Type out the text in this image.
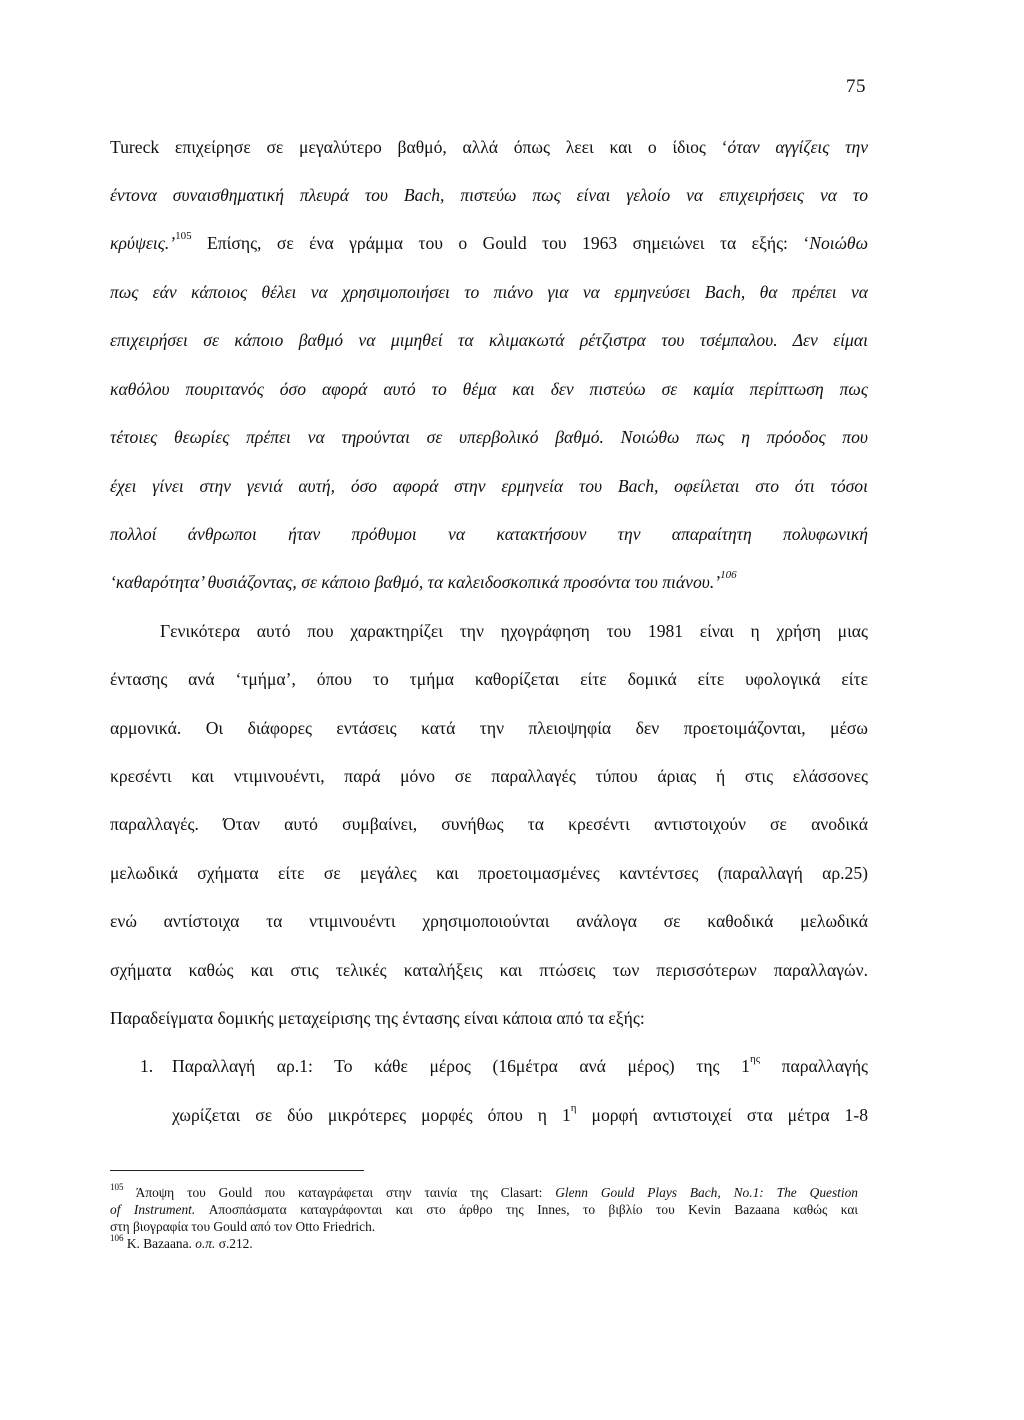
75
Tureck επιχείρησε σε μεγαλύτερο βαθμό, αλλά όπως λεει και ο ίδιος ‘όταν αγγίζεις την
έντονα συναισθηματική πλευρά του Bach, πιστεύω πως είναι γελοίο να επιχειρήσεις να το
κρύψεις.’$^{105}$ Επίσης, σε ένα γράμμα του ο Gould του 1963 σημειώνει τα εξής: ‘Νοιώθω
πως εάν κάποιος θέλει να χρησιμοποιήσει το πιάνο για να ερμηνεύσει Bach, θα πρέπει να
επιχειρήσει σε κάποιο βαθμό να μιμηθεί τα κλιμακωτά ρέτζιστρα του τσέμπαλου. Δεν είμαι
καθόλου πουριτανός όσο αφορά αυτό το θέμα και δεν πιστεύω σε καμία περίπτωση πως
τέτοιες θεωρίες πρέπει να τηρούνται σε υπερβολικό βαθμό. Νοιώθω πως η πρόοδος που
έχει γίνει στην γενιά αυτή, όσο αφορά στην ερμηνεία του Bach, οφείλεται στο ότι τόσοι
πολλοί άνθρωποι ήταν πρόθυμοι να κατακτήσουν την απαραίτητη πολυφωνική
‘καθαρότητα’ θυσιάζοντας, σε κάποιο βαθμό, τα καλειδοσκοπικά προσόντα του πιάνου.’$^{106}$
Γενικότερα αυτό που χαρακτηρίζει την ηχογράφηση του 1981 είναι η χρήση μιας
έντασης ανά ‘τμήμα’, όπου το τμήμα καθορίζεται είτε δομικά είτε υφολογικά είτε
αρμονικά. Οι διάφορες εντάσεις κατά την πλειοψηφία δεν προετοιμάζονται, μέσω
κρεσέντι και ντιμινουέντι, παρά μόνο σε παραλλαγές τύπου άριας ή στις ελάσσονες
παραλλαγές. Όταν αυτό συμβαίνει, συνήθως τα κρεσέντι αντιστοιχούν σε ανοδικά
μελωδικά σχήματα είτε σε μεγάλες και προετοιμασμένες καντέντσες (παραλλαγή αρ.25)
ενώ αντίστοιχα τα ντιμινουέντι χρησιμοποιούνται ανάλογα σε καθοδικά μελωδικά
σχήματα καθώς και στις τελικές καταλήξεις και πτώσεις των περισσότερων παραλλαγών.
Παραδείγματα δομικής μεταχείρισης της έντασης είναι κάποια από τα εξής:
1. Παραλλαγή αρ.1: Το κάθε μέρος (16μέτρα ανά μέρος) της $1^{\eta\varsigma}$ παραλλαγής
χωρίζεται σε δύο μικρότερες μορφές όπου η $1^\eta$ μορφή αντιστοιχεί στα μέτρα 1-8
$^{105}$ Άποψη του Gould που καταγράφεται στην ταινία της Clasart: Glenn Gould Plays Bach, No.1: The Question
of Instrument. Αποσπάσματα καταγράφονται και στο άρθρο της Innes, το βιβλίο του Kevin Bazaana καθώς και
στη βιογραφία του Gould από τον Otto Friedrich.
$^{106}$ K. Bazaana. ο.π. σ.212.
